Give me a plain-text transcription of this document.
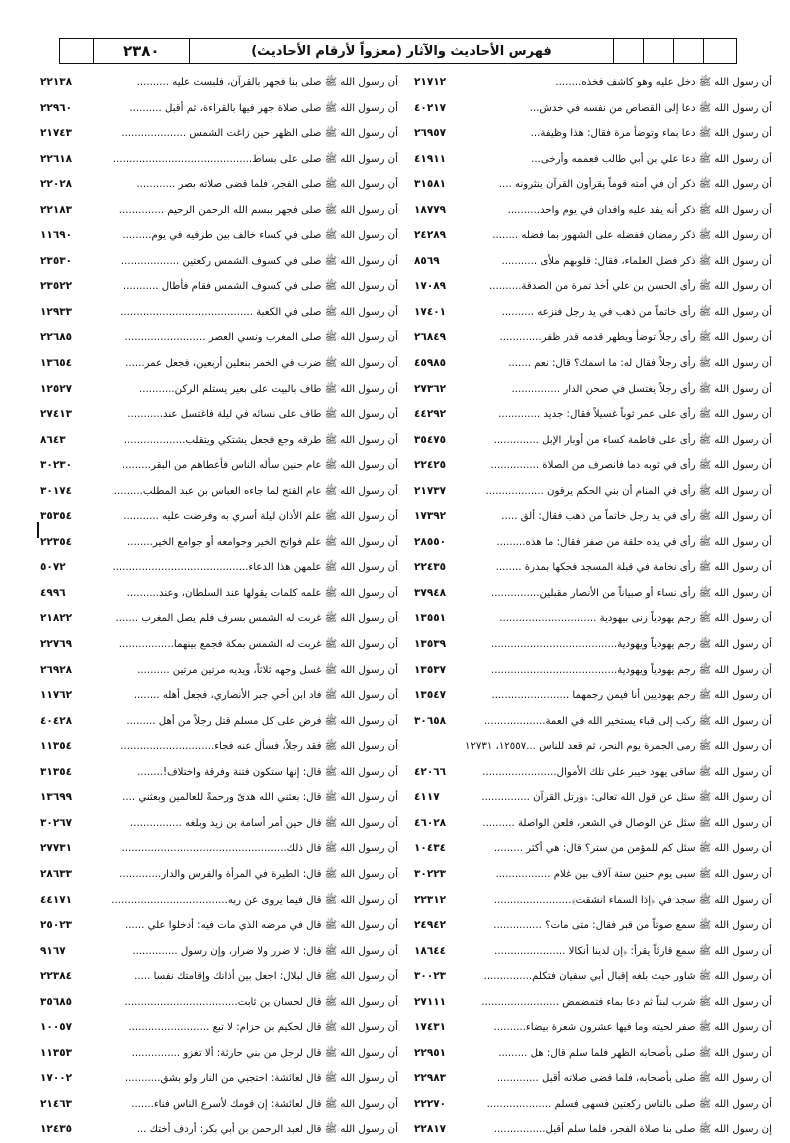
٢٣٨٠	فهرس الأحاديث والآثار (معزواً لأرقام الأحاديث)
أن رسول الله ﷺ دخل عليه وهو كاشف فخذه........
٢١٧١٢
أن رسول الله ﷺ دعا إلى القصاص من نفسه في خدش...
٤٠٢١٧
أن رسول الله ﷺ دعا بماء وتوضأ مرة فقال: هذا وظيفة...
٢٦٩٥٧
أن رسول الله ﷺ دعا علي بن أبي طالب فعممه وأرخى...
٤١٩١١
أن رسول الله ﷺ ذكر أن في أمته قوماً يقرأون القرآن ينثرونه ....
٣١٥٨١
أن رسول الله ﷺ ذكر أنه يفد عليه وافدان في يوم واحد..........
١٨٧٧٩
أن رسول الله ﷺ ذكر رمضان ففضله على الشهور بما فضله ........
٢٤٢٨٩
أن رسول الله ﷺ ذكر فضل العلماء، فقال: قلوبهم ملأى ...........
٨٥٦٩
أن رسول الله ﷺ رأى الحسن بن علي أخذ تمرة من الصدقة..........
١٧٠٨٩
أن رسول الله ﷺ رأى خاتماً من ذهب في يد رجل فنزعه ..........
١٧٤٠١
أن رسول الله ﷺ رأى رجلاً توضأ ويطهر قدمه قدر ظفر.............
٢٦٨٤٩
أن رسول الله ﷺ رأى رجلاً فقال له: ما اسمك؟ قال: نعم .......
٤٥٩٨٥
أن رسول الله ﷺ رأى رجلاً يغتسل في صحن الدار ...............
٢٧٣٦٢
أن رسول الله ﷺ رأى على عمر ثوباً غسيلاً فقال: جديد .............
٤٤٢٩٢
أن رسول الله ﷺ رأى على فاطمة كساء من أوبار الإبل ..............
٣٥٤٧٥
أن رسول الله ﷺ رأى في ثوبه دما فانصرف من الصلاة ...............
٢٢٤٢٥
أن رسول الله ﷺ رأى في المنام أن بني الحكم يرقون ..................
٢١٧٣٧
أن رسول الله ﷺ رأى في يد رجل خاتماً من ذهب فقال: ألق .....
١٧٣٩٢
أن رسول الله ﷺ رأى في يده حلقة من صفر فقال: ما هذه.........
٢٨٥٥٠
أن رسول الله ﷺ رأى نخامة في قبلة المسجد فحكها بمدرة ........
٢٢٤٣٥
أن رسول الله ﷺ رأى نساء أو صبياناً من الأنصار مقبلين...............
٣٧٩٤٨
أن رسول الله ﷺ رجم يهودياً زنى بيهودية ..............................
١٣٥٥١
أن رسول الله ﷺ رجم يهودياً ويهودية.......................................
١٣٥٣٩
أن رسول الله ﷺ رجم يهودياً ويهودية.......................................
١٣٥٣٧
أن رسول الله ﷺ رجم يهوديين أنا فيمن رجمهما ........................
١٣٥٤٧
أن رسول الله ﷺ ركب إلى قباء يستخير الله في العمة...................
٣٠٦٥٨
أن رسول الله ﷺ رمى الجمرة يوم النحر، ثم قعد للناس ...١٢٥٥٧، ١٢٧٣١
أن رسول الله ﷺ ساقى يهود خيبر على تلك الأموال.......................
٤٢٠٦٦
أن رسول الله ﷺ سئل عن قول الله تعالى: ﴿ورتل القرآن ...............
٤١١٧
أن رسول الله ﷺ سئل عن الوصال في الشعر، فلعن الواصلة ..........
٤٦٠٢٨
أن رسول الله ﷺ سئل كم للمؤمن من ستر؟ قال: هي أكثر .........
١٠٤٣٤
أن رسول الله ﷺ سبى يوم حنين ستة آلاف بين غلام .................
٣٠٢٢٣
أن رسول الله ﷺ سجد في ﴿إذا السماء انشقت﴾........................
٢٢٣١٢
أن رسول الله ﷺ سمع صوتاً من قبر فقال: متى مات؟ ...............
٢٤٩٤٢
أن رسول الله ﷺ سمع قارئاً يقرأ: ﴿إن لدينا أنكالا ......................
١٨٦٤٤
أن رسول الله ﷺ شاور حيث بلغه إقبال أبي سفيان فتكلم...............
٣٠٠٢٣
أن رسول الله ﷺ شرب لبناً ثم دعا بماء فتمضمض ........................
٢٧١١١
أن رسول الله ﷺ صفر لحيته وما فيها عشرون شعرة بيضاء..........
١٧٤٣١
أن رسول الله ﷺ صلى بأصحابه الظهر فلما سلم قال: هل .........
٢٢٩٥١
أن رسول الله ﷺ صلى بأصحابه، فلما قضى صلاته أقبل .............
٢٢٩٨٣
أن رسول الله ﷺ صلى بالناس ركعتين فسهى فسلم ....................
٢٢٢٧٠
إن رسول الله ﷺ صلى بنا صلاة الفجر، فلما سلم أقبل................
٢٢٨١٧
أن رسول الله ﷺ صلى بنا فجهر بالقرآن، فلبست عليه ..........
٢٢١٣٨
أن رسول الله ﷺ صلى صلاة جهر فيها بالقراءة، ثم أقبل ..........
٢٢٩٦٠
أن رسول الله ﷺ صلى الظهر حين زاغت الشمس ....................
٢١٧٤٣
أن رسول الله ﷺ صلى على بساط...........................................
٢٢٦١٨
أن رسول الله ﷺ صلى الفجر، فلما قضى صلاته بصر ............
٢٢٠٢٨
أن رسول الله ﷺ صلى فجهر ببسم الله الرحمن الرحيم ..............
٢٢١٨٣
أن رسول الله ﷺ صلى في كساء خالف بين طرفيه في يوم.........
١١٦٩٠
أن رسول الله ﷺ صلى في كسوف الشمس ركعتين ..................
٢٣٥٣٠
أن رسول الله ﷺ صلى في كسوف الشمس فقام فأطال ...........
٢٣٥٢٢
أن رسول الله ﷺ صلى في الكعبة .........................................
١٢٩٣٣
أن رسول الله ﷺ صلى المغرب ونسي العصر .........................
٢٢٦٨٥
أن رسول الله ﷺ ضرب في الخمر بنعلين أربعين، فجعل عمر......
١٣٦٥٤
أن رسول الله ﷺ طاف بالبيت على بعير يستلم الركن...........
١٢٥٢٧
أن رسول الله ﷺ طاف على نسائه في ليلة فاغتسل عند...........
٢٧٤١٣
أن رسول الله ﷺ طرقه وجع فجعل يشتكي ويتقلب...................
٨٦٤٣
أن رسول الله ﷺ عام حنين سأله الناس فأعطاهم من البقر.........
٣٠٢٣٠
أن رسول الله ﷺ عام الفتح لما جاءه العباس بن عبد المطلب.........
٣٠١٧٤
أن رسول الله ﷺ علم الأذان ليلة أسري به وفرضت عليه ...........
٣٥٣٥٤
أن رسول الله ﷺ علم فواتح الخير وجوامعه أو جوامع الخير........
٢٢٣٥٤
أن رسول الله ﷺ علمهن هذا الدعاء..........................................
٥٠٧٢
أن رسول الله ﷺ علمه كلمات يقولها عند السلطان، وعند..........
٤٩٩٦
أن رسول الله ﷺ غربت له الشمس بسرف فلم يصل المغرب .......
٢١٨٢٢
أن رسول الله ﷺ غربت له الشمس بمكة فجمع بينهما.................
٢٢٧٦٩
أن رسول الله ﷺ غسل وجهه ثلاثاً، ويديه مرتين مرتين ..........
٢٦٩٢٨
أن رسول الله ﷺ فاد ابن أخي جبر الأنصاري، فجعل أهله ........
١١٧٦٢
أن رسول الله ﷺ فرض على كل مسلم قتل رجلاً من أهل .........
٤٠٤٢٨
أن رسول الله ﷺ فقد رجلاً، فسأل عنه فجاء.............................
١١٣٥٤
أن رسول الله ﷺ قال: إنها ستكون فتنة وفرقة واختلاف!........
٣١٣٥٤
أن رسول الله ﷺ قال: بعثني الله هدىً ورحمةً للعالمين وبعثني ....
١٣٦٩٩
أن رسول الله ﷺ قال حين أمر أسامة بن زيد وبلغه ................
٣٠٢٦٧
أن رسول الله ﷺ قال ذلك...................................................
٢٧٧٣١
أن رسول الله ﷺ قال: الطيرة في المرأة والفرس والدار.............
٢٨٦٣٣
أن رسول الله ﷺ قال فيما يروى عن ربه....................................
٤٤١٧١
أن رسول الله ﷺ قال في مرضه الذي مات فيه: أدخلوا علي ......
٢٥٠٢٣
أن رسول الله ﷺ قال: لا ضرر ولا ضرار، وإن رسول ..............
٩١٦٧
أن رسول الله ﷺ قال لبلال: اجعل بين أذانك وإقامتك نفسا .....
٢٢٣٨٤
أن رسول الله ﷺ قال لحسان بن ثابت...................................
٣٥٦٨٥
أن رسول الله ﷺ قال لحكيم بن حزام: لا تبع .........................
١٠٠٥٧
أن رسول الله ﷺ قال لرجل من بني حارثة: ألا تغزو ...............
١١٣٥٣
أن رسول الله ﷺ قال لعائشة: احتجبي من النار ولو بشق...........
١٧٠٠٢
أن رسول الله ﷺ قال لعائشة: إن قومك لأسرع الناس فناء.......
٢١٤٦٣
أن رسول الله ﷺ قال لعبد الرحمن بن أبي بكر: أردف أختك ...
١٢٤٣٥
